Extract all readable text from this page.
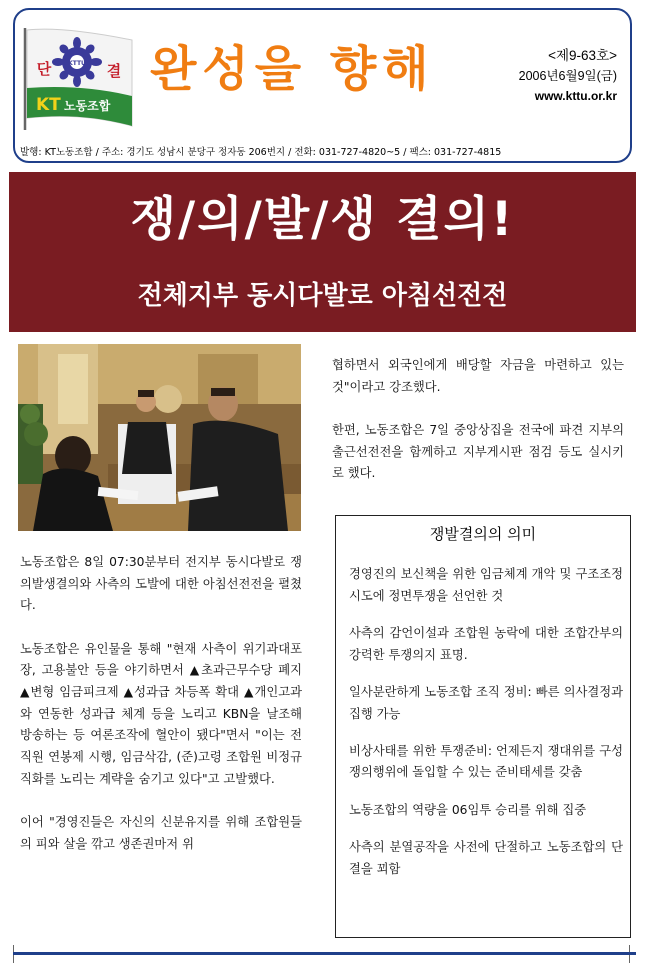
KTTU
단	결
KT 노동조합
완성을 향해	<제9-63호>
2006년6월9일(금)
www.kttu.or.kr
발행: KT노동조합 / 주소: 경기도 성남시 분당구 정자동 206번지 / 전화: 031-727-4820~5 / 팩스: 031-727-4815
쟁/의/발/생 결의!
전체지부 동시다발로 아침선전전

노동조합은 8일 07:30분부터 전지부 동시다발로 쟁의발생결의와 사측의 도발에 대한 아침선전전을 펼쳤다.

노동조합은 유인물을 통해 "현재 사측이 위기과대포장, 고용불안 등을 야기하면서 ▲초과근무수당 폐지 ▲변형 임금피크제 ▲성과급 차등폭 확대 ▲개인고과와 연동한 성과급 체계 등을 노리고 KBN을 날조해 방송하는 등 여론조작에 혈안이 됐다"면서 "이는 전직원 연봉제 시행, 임금삭감, (준)고령 조합원 비정규직화를 노리는 계략을 숨기고 있다"고 고발했다.

이어 "경영진들은 자신의 신분유지를 위해 조합원들의 피와 살을 깎고 생존권마저 위

협하면서 외국인에게 배당할 자금을 마련하고 있는 것"이라고 강조했다.

한편, 노동조합은 7일 중앙상집을 전국에 파견 지부의 출근선전전을 함께하고 지부게시판 점검 등도 실시키로 했다.

쟁발결의의 의미

경영진의 보신책을 위한 임금체계 개악 및 구조조정 시도에 정면투쟁을 선언한 것

사측의 감언이설과 조합원 농락에 대한 조합간부의 강력한 투쟁의지 표명.

일사분란하게 노동조합 조직 정비: 빠른 의사결정과 집행 가능

비상사태를 위한 투쟁준비: 언제든지 쟁대위를 구성 쟁의행위에 돌입할 수 있는 준비태세를 갖춤

노동조합의 역량을 06임투 승리를 위해 집중

사측의 분열공작을 사전에 단절하고 노동조합의 단결을 꾀함
